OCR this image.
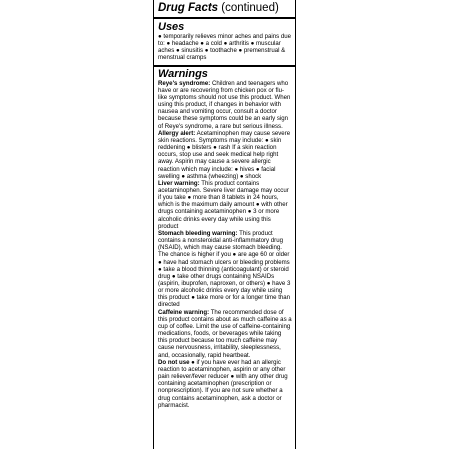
Drug Facts (continued)
Uses

● temporarily relieves minor aches and pains due to: ● headache ● a cold ● arthritis ● muscular aches ● sinusitis ● toothache ● premenstrual & menstrual cramps

Warnings

Reye's syndrome: Children and teenagers who have or are recovering from chicken pox or flu-like symptoms should not use this product. When using this product, if changes in behavior with nausea and vomiting occur, consult a doctor because these symptoms could be an early sign of Reye's syndrome, a rare but serious illness.

Allergy alert: Acetaminophen may cause severe skin reactions. Symptoms may include: ● skin reddening ● blisters ● rash If a skin reaction occurs, stop use and seek medical help right away. Aspirin may cause a severe allergic reaction which may include: ● hives ● facial swelling ● asthma (wheezing) ● shock

Liver warning: This product contains acetaminophen. Severe liver damage may occur if you take ● more than 8 tablets in 24 hours, which is the maximum daily amount ● with other drugs containing acetaminophen ● 3 or more alcoholic drinks every day while using this product

Stomach bleeding warning: This product contains a nonsteroidal anti-inflammatory drug (NSAID), which may cause stomach bleeding. The chance is higher if you ● are age 60 or older ● have had stomach ulcers or bleeding problems ● take a blood thinning (anticoagulant) or steroid drug ● take other drugs containing NSAIDs (aspirin, ibuprofen, naproxen, or others) ● have 3 or more alcoholic drinks every day while using this product ● take more or for a longer time than directed

Caffeine warning: The recommended dose of this product contains about as much caffeine as a cup of coffee. Limit the use of caffeine-containing medications, foods, or beverages while taking this product because too much caffeine may cause nervousness, irritability, sleeplessness, and, occasionally, rapid heartbeat.

Do not use ● if you have ever had an allergic reaction to acetaminophen, aspirin or any other pain reliever/fever reducer ● with any other drug containing acetaminophen (prescription or nonprescription). If you are not sure whether a drug contains acetaminophen, ask a doctor or pharmacist.
